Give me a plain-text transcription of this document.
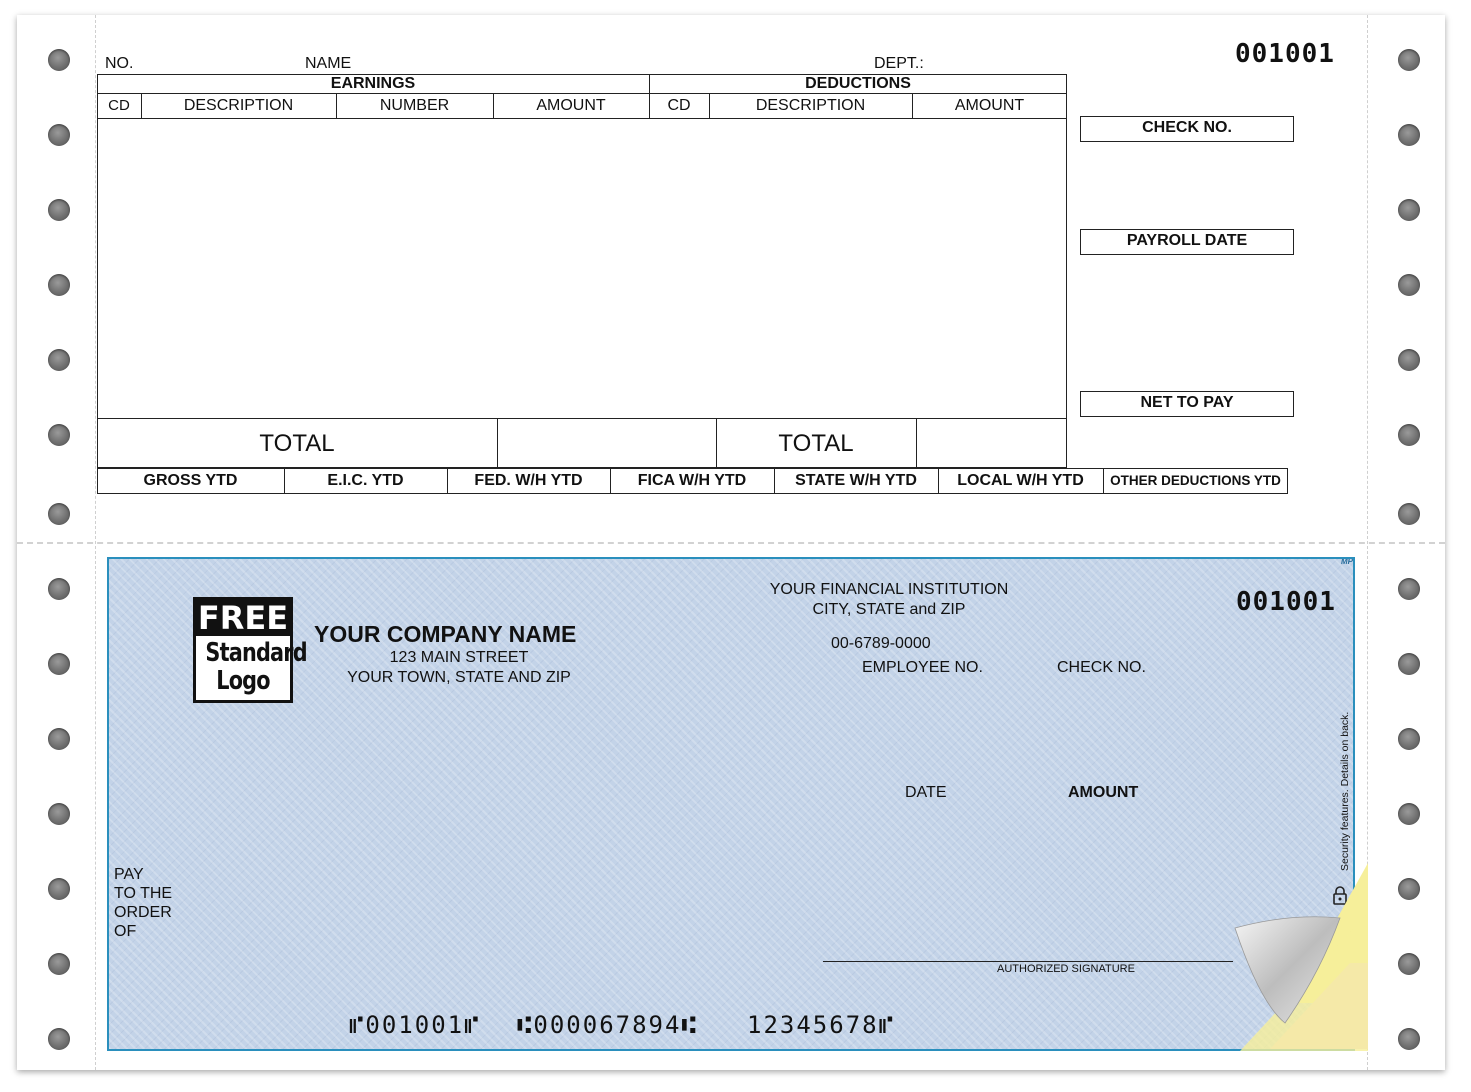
001001
NO.	NAME	DEPT.:
EARNINGS	DEDUCTIONS
CD	DESCRIPTION	NUMBER	AMOUNT	CD	DESCRIPTION	AMOUNT
TOTAL	TOTAL
GROSS YTD	E.I.C. YTD	FED. W/H YTD	FICA W/H YTD	STATE W/H YTD	LOCAL W/H YTD	OTHER DEDUCTIONS YTD
CHECK NO.
PAYROLL DATE
NET TO PAY
MP
FREE
Standard
Logo
YOUR COMPANY NAME
123 MAIN STREET
YOUR TOWN, STATE AND ZIP
YOUR FINANCIAL INSTITUTION
CITY, STATE and ZIP
00-6789-0000
001001
EMPLOYEE NO.	CHECK NO.
DATE	AMOUNT
PAY
TO THE
ORDER
OF
AUTHORIZED SIGNATURE
Security features. Details on back.
⑈001001⑈ ⑆000067894⑆ 12345678⑈
